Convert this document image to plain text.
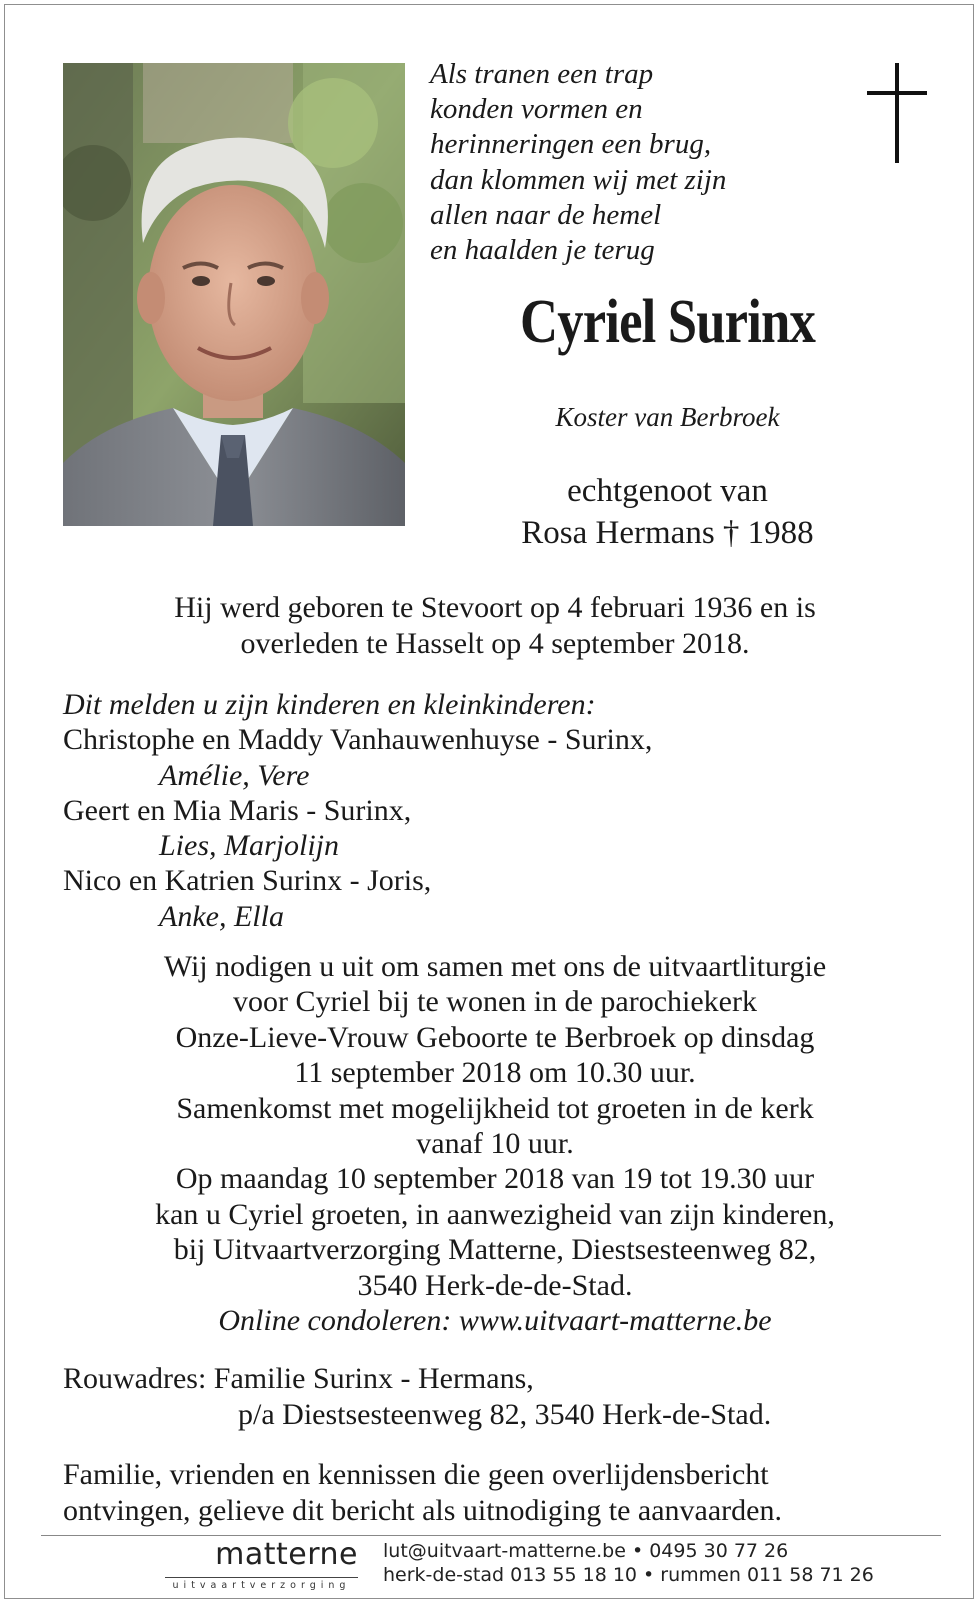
Als tranen een trap
konden vormen en
herinneringen een brug,
dan klommen wij met zijn
allen naar de hemel
en haalden je terug
Cyriel Surinx
Koster van Berbroek
echtgenoot van
Rosa Hermans † 1988
Hij werd geboren te Stevoort op 4 februari 1936 en is
overleden te Hasselt op 4 september 2018.
Dit melden u zijn kinderen en kleinkinderen:
Christophe en Maddy Vanhauwenhuyse - Surinx,
Amélie, Vere
Geert en Mia Maris - Surinx,
Lies, Marjolijn
Nico en Katrien Surinx - Joris,
Anke, Ella
Wij nodigen u uit om samen met ons de uitvaartliturgie
voor Cyriel bij te wonen in de parochiekerk
Onze-Lieve-Vrouw Geboorte te Berbroek op dinsdag
11 september 2018 om 10.30 uur.
Samenkomst met mogelijkheid tot groeten in de kerk
vanaf 10 uur.
Op maandag 10 september 2018 van 19 tot 19.30 uur
kan u Cyriel groeten, in aanwezigheid van zijn kinderen,
bij Uitvaartverzorging Matterne, Diestsesteenweg 82,
3540 Herk-de-de-Stad.
Online condoleren: www.uitvaart-matterne.be
Rouwadres: Familie Surinx - Hermans,
p/a Diestsesteenweg 82, 3540 Herk-de-Stad.
Familie, vrienden en kennissen die geen overlijdensbericht
ontvingen, gelieve dit bericht als uitnodiging te aanvaarden.
matterne
uitvaartverzorging
lut@uitvaart-matterne.be • 0495 30 77 26
herk-de-stad 013 55 18 10 • rummen 011 58 71 26
